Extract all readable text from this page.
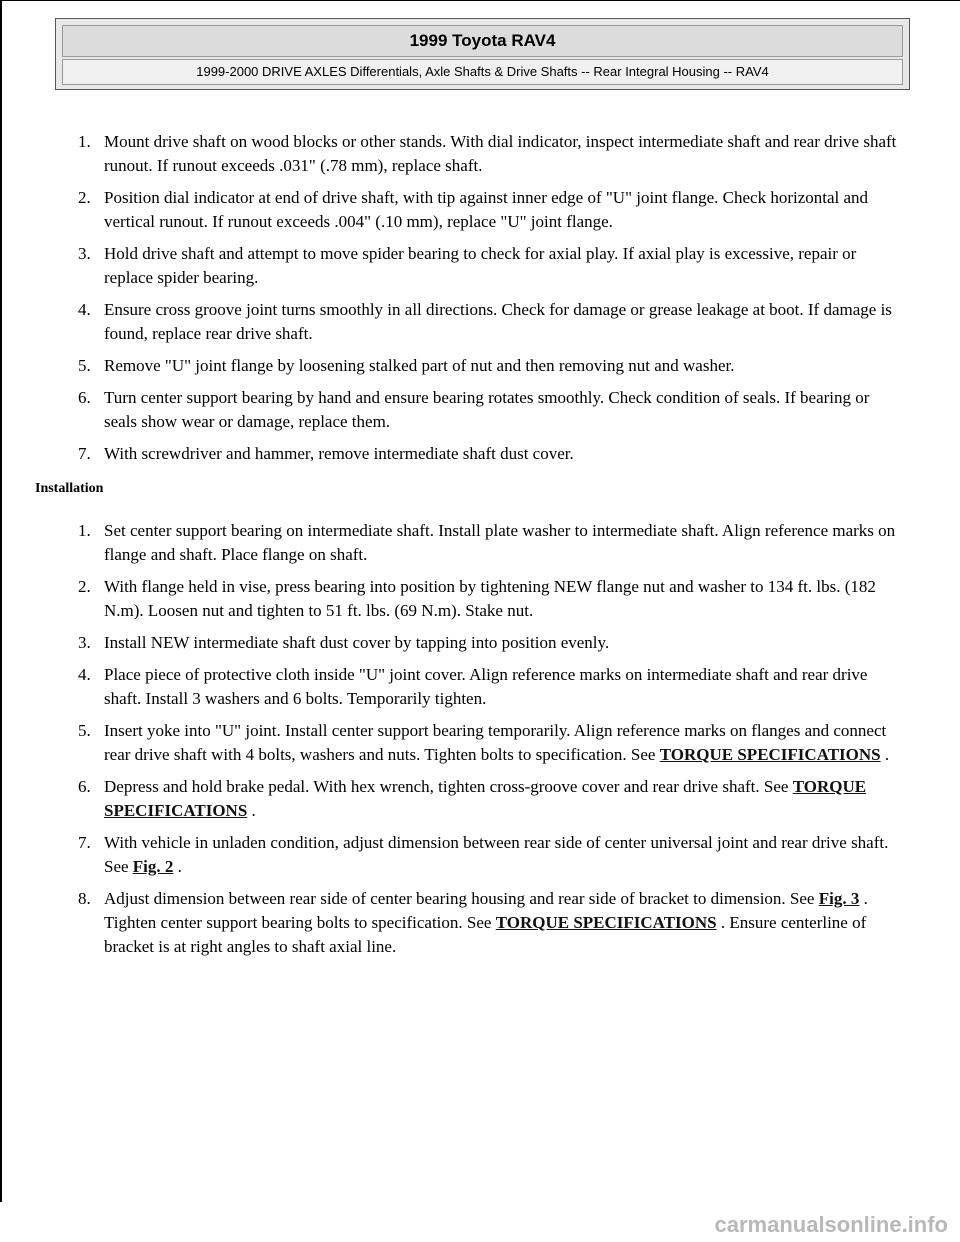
1999 Toyota RAV4
1999-2000 DRIVE AXLES Differentials, Axle Shafts & Drive Shafts -- Rear Integral Housing -- RAV4
1. Mount drive shaft on wood blocks or other stands. With dial indicator, inspect intermediate shaft and rear drive shaft runout. If runout exceeds .031" (.78 mm), replace shaft.
2. Position dial indicator at end of drive shaft, with tip against inner edge of "U" joint flange. Check horizontal and vertical runout. If runout exceeds .004" (.10 mm), replace "U" joint flange.
3. Hold drive shaft and attempt to move spider bearing to check for axial play. If axial play is excessive, repair or replace spider bearing.
4. Ensure cross groove joint turns smoothly in all directions. Check for damage or grease leakage at boot. If damage is found, replace rear drive shaft.
5. Remove "U" joint flange by loosening stalked part of nut and then removing nut and washer.
6. Turn center support bearing by hand and ensure bearing rotates smoothly. Check condition of seals. If bearing or seals show wear or damage, replace them.
7. With screwdriver and hammer, remove intermediate shaft dust cover.
Installation
1. Set center support bearing on intermediate shaft. Install plate washer to intermediate shaft. Align reference marks on flange and shaft. Place flange on shaft.
2. With flange held in vise, press bearing into position by tightening NEW flange nut and washer to 134 ft. lbs. (182 N.m). Loosen nut and tighten to 51 ft. lbs. (69 N.m). Stake nut.
3. Install NEW intermediate shaft dust cover by tapping into position evenly.
4. Place piece of protective cloth inside "U" joint cover. Align reference marks on intermediate shaft and rear drive shaft. Install 3 washers and 6 bolts. Temporarily tighten.
5. Insert yoke into "U" joint. Install center support bearing temporarily. Align reference marks on flanges and connect rear drive shaft with 4 bolts, washers and nuts. Tighten bolts to specification. See TORQUE SPECIFICATIONS .
6. Depress and hold brake pedal. With hex wrench, tighten cross-groove cover and rear drive shaft. See TORQUE SPECIFICATIONS .
7. With vehicle in unladen condition, adjust dimension between rear side of center universal joint and rear drive shaft. See Fig. 2 .
8. Adjust dimension between rear side of center bearing housing and rear side of bracket to dimension. See Fig. 3 . Tighten center support bearing bolts to specification. See TORQUE SPECIFICATIONS . Ensure centerline of bracket is at right angles to shaft axial line.
carmanualsonline.info
